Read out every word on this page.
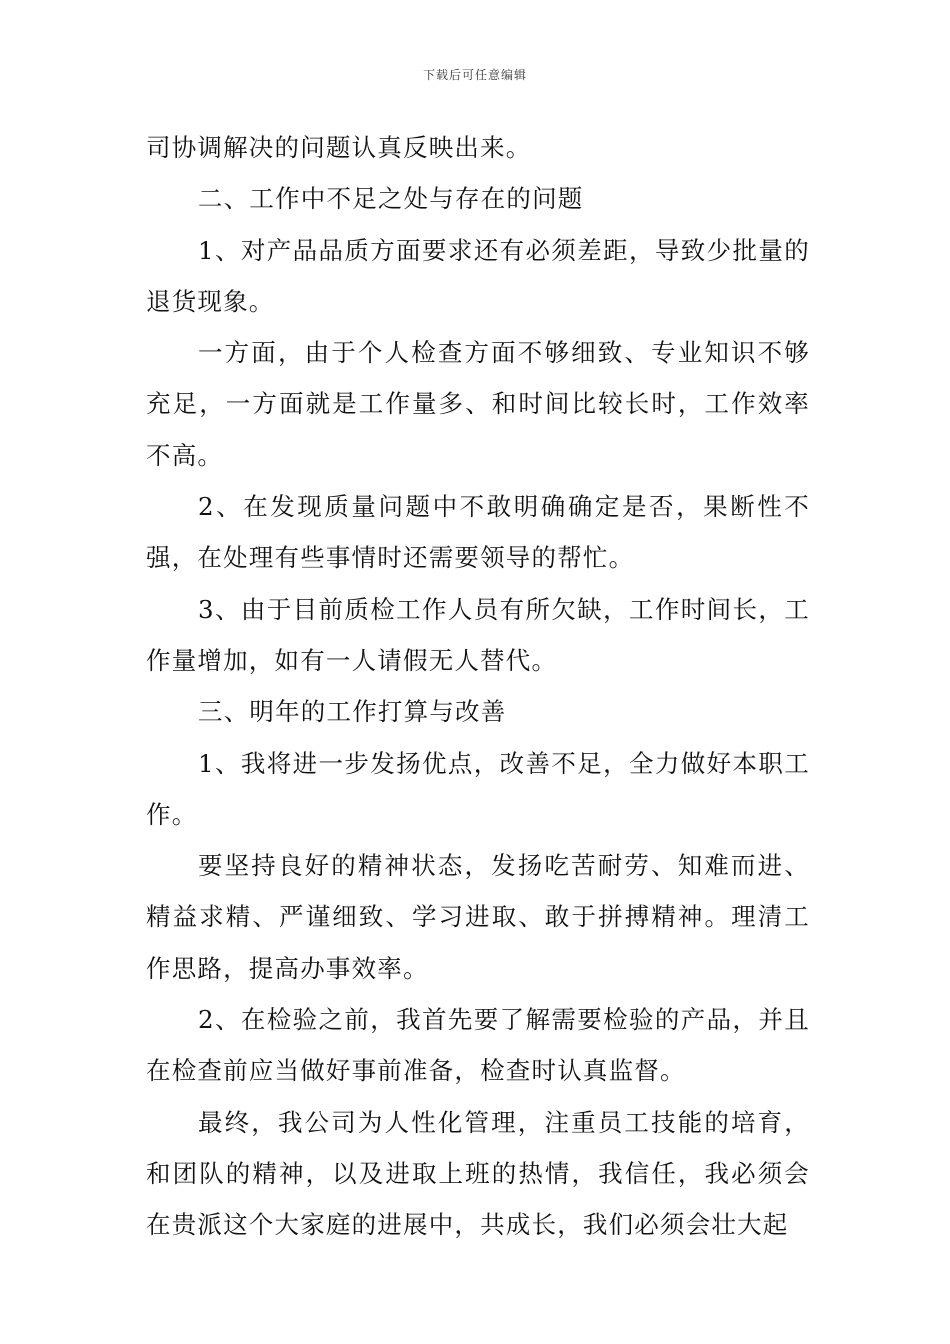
下载后可任意编辑

司协调解决的问题认真反映出来。

二、工作中不足之处与存在的问题

1、对产品品质方面要求还有必须差距，导致少批量的退货现象。

一方面，由于个人检查方面不够细致、专业知识不够充足，一方面就是工作量多、和时间比较长时，工作效率不高。

2、在发现质量问题中不敢明确确定是否，果断性不强，在处理有些事情时还需要领导的帮忙。

3、由于目前质检工作人员有所欠缺，工作时间长，工作量增加，如有一人请假无人替代。

三、明年的工作打算与改善

1、我将进一步发扬优点，改善不足，全力做好本职工作。

要坚持良好的精神状态，发扬吃苦耐劳、知难而进、精益求精、严谨细致、学习进取、敢于拼搏精神。理清工作思路，提高办事效率。

2、在检验之前，我首先要了解需要检验的产品，并且在检查前应当做好事前准备，检查时认真监督。

最终，我公司为人性化管理，注重员工技能的培育，和团队的精神，以及进取上班的热情，我信任，我必须会在贵派这个大家庭的进展中，共成长，我们必须会壮大起
